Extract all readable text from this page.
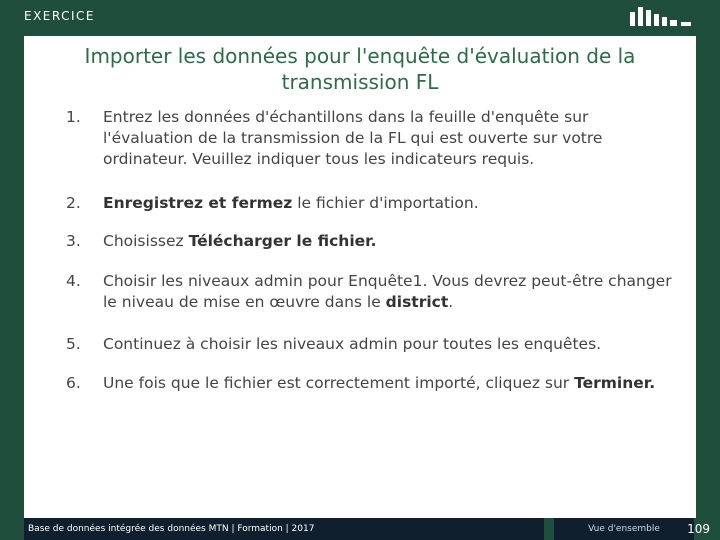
EXERCICE
Importer les données pour l'enquête d'évaluation de la transmission FL
1.	Entrez les données d'échantillons dans la feuille d'enquête sur l'évaluation de la transmission de la FL qui est ouverte sur votre ordinateur. Veuillez indiquer tous les indicateurs requis.
2.	Enregistrez et fermez le fichier d'importation.
3.	Choisissez Télécharger le fichier.
4.	Choisir les niveaux admin pour Enquête1. Vous devrez peut-être changer le niveau de mise en œuvre dans le district.
5.	Continuez à choisir les niveaux admin pour toutes les enquêtes.
6.	Une fois que le fichier est correctement importé, cliquez sur Terminer.
Base de données intégrée des données MTN | Formation | 2017	Vue d'ensemble	109
